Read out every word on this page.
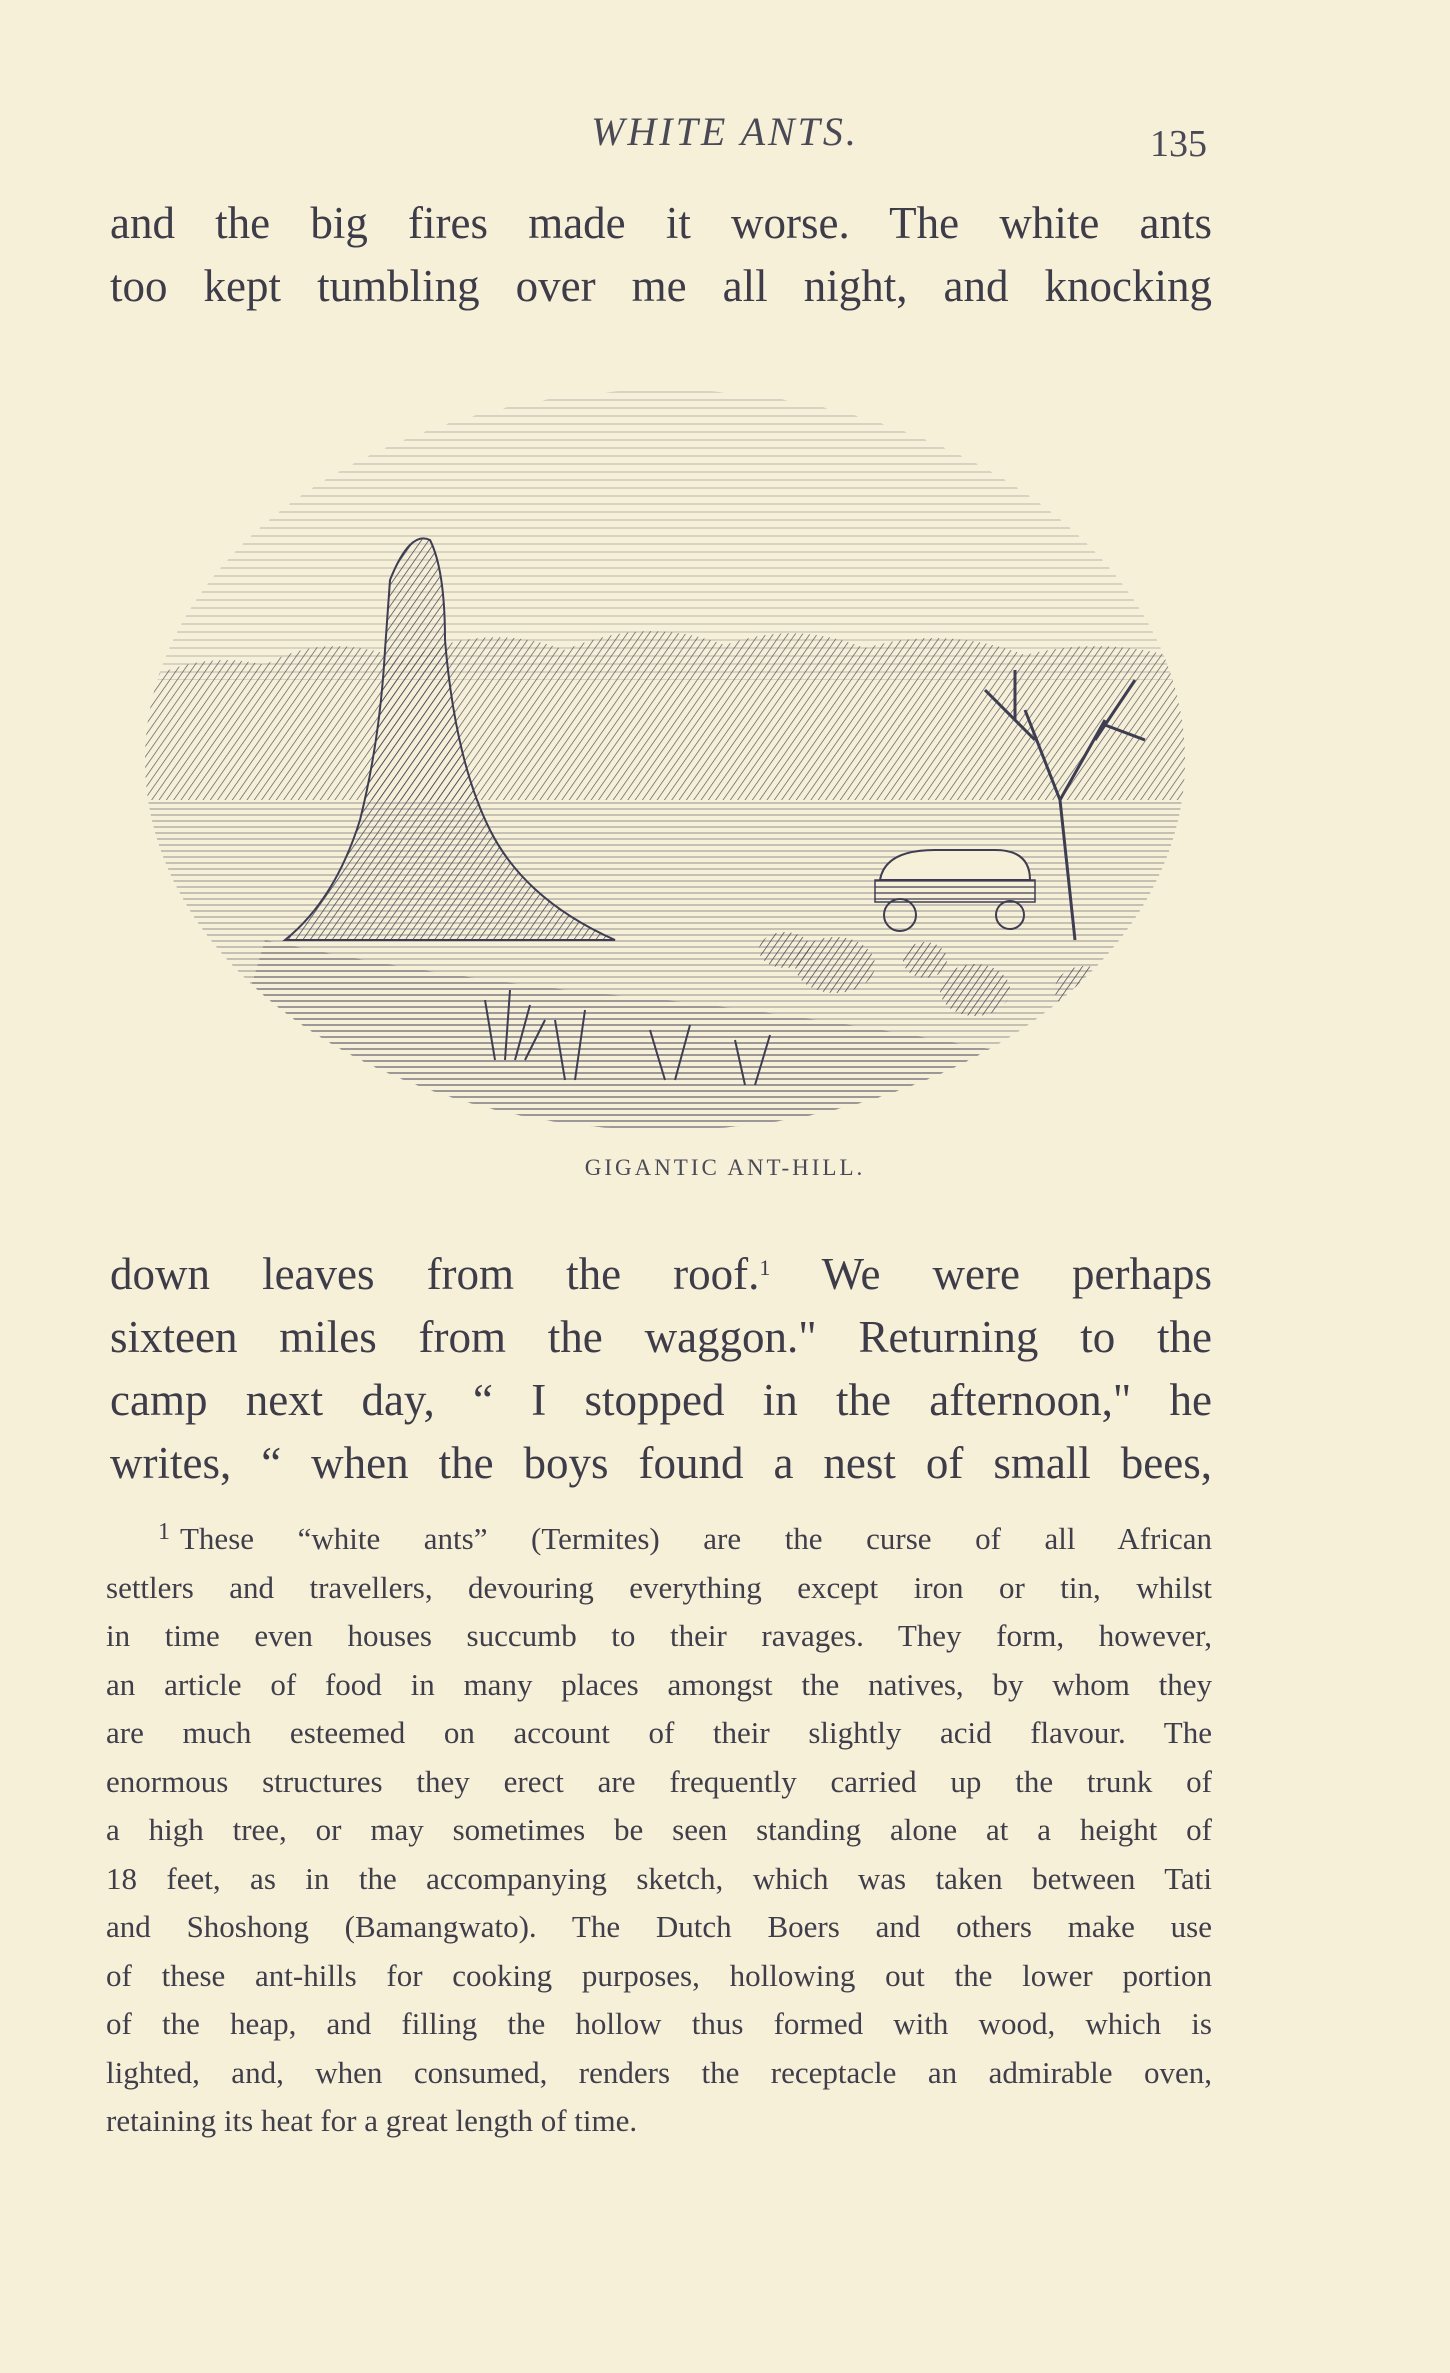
WHITE ANTS.	135
and the big fires made it worse. The white ants
too kept tumbling over me all night, and knocking
GIGANTIC ANT-HILL.
down leaves from the roof.$^1$ We were perhaps
sixteen miles from the waggon." Returning to the
camp next day, “ I stopped in the afternoon," he
writes, “ when the boys found a nest of small bees,
$^1$ These “white ants” (Termites) are the curse of all African
settlers and travellers, devouring everything except iron or tin, whilst
in time even houses succumb to their ravages. They form, however,
an article of food in many places amongst the natives, by whom they
are much esteemed on account of their slightly acid flavour. The
enormous structures they erect are frequently carried up the trunk of
a high tree, or may sometimes be seen standing alone at a height of
18 feet, as in the accompanying sketch, which was taken between Tati
and Shoshong (Bamangwato). The Dutch Boers and others make use
of these ant-hills for cooking purposes, hollowing out the lower portion
of the heap, and filling the hollow thus formed with wood, which is
lighted, and, when consumed, renders the receptacle an admirable oven,
retaining its heat for a great length of time.
